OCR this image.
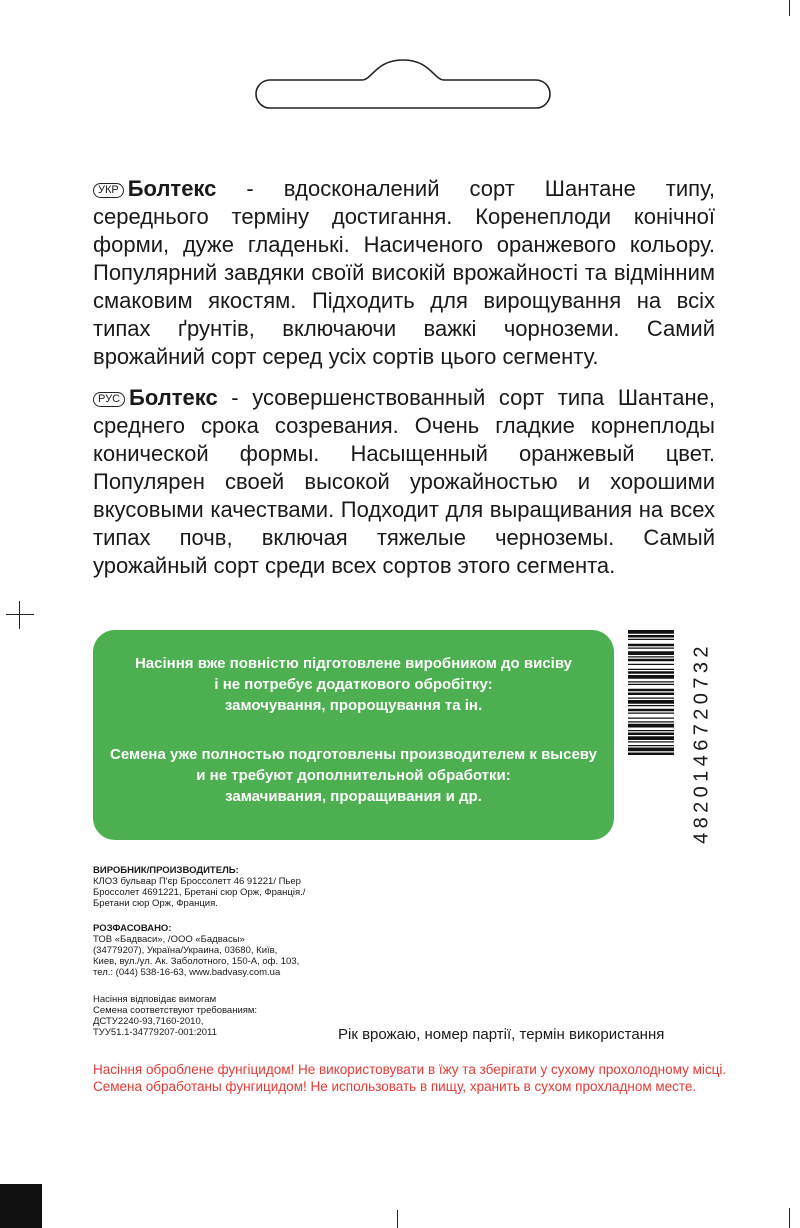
УКР Болтекс - вдосконалений сорт Шантане типу, середнього терміну достигання. Коренеплоди конічної форми, дуже гладенькі. Насиченого оранжевого кольору. Популярний завдяки своїй високій врожайності та відмінним смаковим якостям. Підходить для вирощування на всіх типах ґрунтів, включаючи важкі чорноземи. Самий врожайний сорт серед усіх сортів цього сегменту.
РУС Болтекс - усовершенствованный сорт типа Шантане, среднего срока созревания. Очень гладкие корнеплоды конической формы. Насыщенный оранжевый цвет. Популярен своей высокой урожайностью и хорошими вкусовыми качествами. Подходит для выращивания на всех типах почв, включая тяжелые черноземы. Самый урожайный сорт среди всех сортов этого сегмента.
Насіння вже повністю підготовлене виробником до висіву
і не потребує додаткового обробітку:
замочування, пророщування та ін.
Семена уже полностью подготовлены производителем к высеву
и не требуют дополнительной обработки:
замачивания, проращивания и др.	4820146720732
ВИРОБНИК/ПРОИЗВОДИТЕЛЬ:
КЛОЗ бульвар П'єр Броссолетт 46 91221/ Пьер
Броссолет 4691221, Бретані сюр Орж, Франція./
Бретани сюр Орж, Франция.
РОЗФАСОВАНО:
ТОВ «Бадваси», /ООО «Бадвасы»
(34779207), Україна/Украина, 03680, Київ,
Киев, вул./ул. Ак. Заболотного, 150-А, оф. 103,
тел.: (044) 538-16-63, www.badvasy.com.ua
Насіння відповідає вимогам
Семена соответствуют требованиям:
ДСТУ2240-93,7160-2010,
ТУУ51.1-34779207-001:2011	Рік врожаю, номер партії, термін використання
Насіння оброблене фунгіцидом! Не використовувати в їжу та зберігати у сухому прохолодному місці.
Семена обработаны фунгицидом! Не использовать в пищу, хранить в сухом прохладном месте.
